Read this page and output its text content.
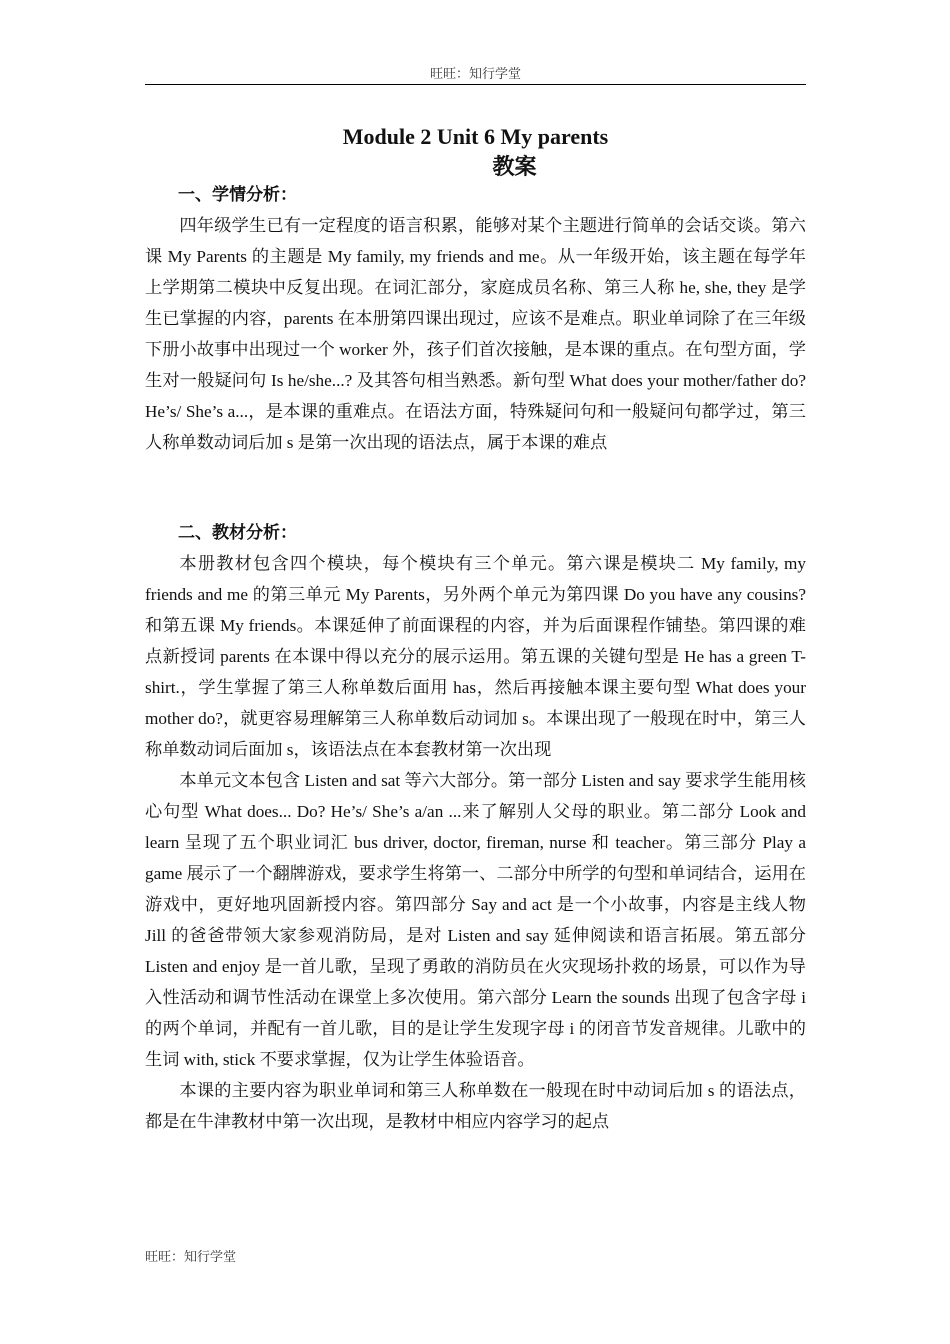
旺旺：知行学堂
Module 2 Unit 6 My parents
教案
一、学情分析：

四年级学生已有一定程度的语言积累，能够对某个主题进行简单的会话交谈。第六课 My Parents 的主题是 My family, my friends and me。从一年级开始，该主题在每学年上学期第二模块中反复出现。在词汇部分，家庭成员名称、第三人称 he, she, they 是学生已掌握的内容，parents 在本册第四课出现过，应该不是难点。职业单词除了在三年级下册小故事中出现过一个 worker 外，孩子们首次接触，是本课的重点。在句型方面，学生对一般疑问句 Is he/she...? 及其答句相当熟悉。新句型 What does your mother/father do? He’s/ She’s a...，是本课的重难点。在语法方面，特殊疑问句和一般疑问句都学过，第三人称单数动词后加 s 是第一次出现的语法点，属于本课的难点

二、教材分析：

本册教材包含四个模块，每个模块有三个单元。第六课是模块二 My family, my friends and me 的第三单元 My Parents，另外两个单元为第四课 Do you have any cousins?和第五课 My friends。本课延伸了前面课程的内容，并为后面课程作铺垫。第四课的难点新授词 parents 在本课中得以充分的展示运用。第五课的关键句型是 He has a green T-shirt.，学生掌握了第三人称单数后面用 has，然后再接触本课主要句型 What does your mother do?，就更容易理解第三人称单数后动词加 s。本课出现了一般现在时中，第三人称单数动词后面加 s，该语法点在本套教材第一次出现

本单元文本包含 Listen and sat 等六大部分。第一部分 Listen and say 要求学生能用核心句型 What does... Do? He’s/ She’s a/an ...来了解别人父母的职业。第二部分 Look and learn 呈现了五个职业词汇 bus driver, doctor, fireman, nurse 和 teacher。第三部分 Play a game 展示了一个翻牌游戏，要求学生将第一、二部分中所学的句型和单词结合，运用在游戏中，更好地巩固新授内容。第四部分 Say and act 是一个小故事，内容是主线人物 Jill 的爸爸带领大家参观消防局，是对 Listen and say 延伸阅读和语言拓展。第五部分 Listen and enjoy 是一首儿歌，呈现了勇敢的消防员在火灾现场扑救的场景，可以作为导入性活动和调节性活动在课堂上多次使用。第六部分 Learn the sounds 出现了包含字母 i 的两个单词，并配有一首儿歌，目的是让学生发现字母 i 的闭音节发音规律。儿歌中的生词 with, stick 不要求掌握，仅为让学生体验语音。

本课的主要内容为职业单词和第三人称单数在一般现在时中动词后加 s 的语法点，都是在牛津教材中第一次出现，是教材中相应内容学习的起点

旺旺：知行学堂
